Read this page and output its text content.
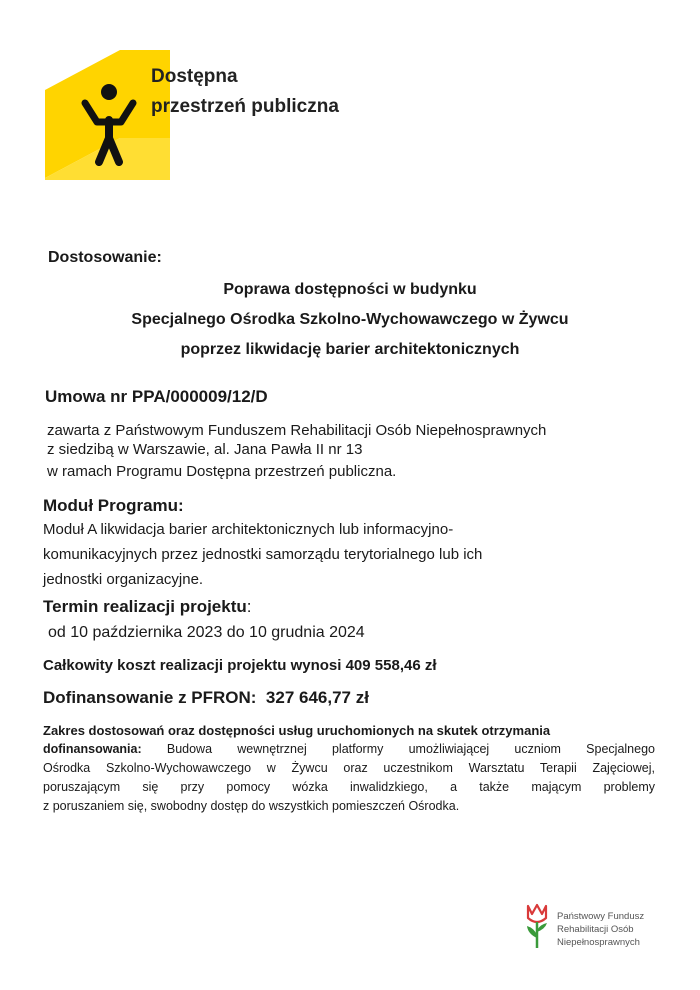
Dostępna
przestrzeń publiczna
Dostosowanie:
Poprawa dostępności w budynku
Specjalnego Ośrodka Szkolno-Wychowawczego w Żywcu
poprzez likwidację barier architektonicznych
Umowa nr PPA/000009/12/D
zawarta z Państwowym Funduszem Rehabilitacji Osób Niepełnosprawnych
z siedzibą w Warszawie, al. Jana Pawła II nr 13
w ramach Programu Dostępna przestrzeń publiczna.
Moduł Programu:
Moduł A likwidacja barier architektonicznych lub informacyjno-
komunikacyjnych przez jednostki samorządu terytorialnego lub ich
jednostki organizacyjne.
Termin realizacji projektu:
od 10 października 2023 do 10 grudnia 2024
Całkowity koszt realizacji projektu wynosi 409 558,46 zł
Dofinansowanie z PFRON: 327 646,77 zł
Zakres dostosowań oraz dostępności usług uruchomionych na skutek otrzymania
dofinansowania: Budowa wewnętrznej platformy umożliwiającej uczniom Specjalnego
Ośrodka Szkolno-Wychowawczego w Żywcu oraz uczestnikom Warsztatu Terapii Zajęciowej,
poruszającym się przy pomocy wózka inwalidzkiego, a także mającym problemy
z poruszaniem się, swobodny dostęp do wszystkich pomieszczeń Ośrodka.
Państwowy Fundusz
Rehabilitacji Osób
Niepełnosprawnych
